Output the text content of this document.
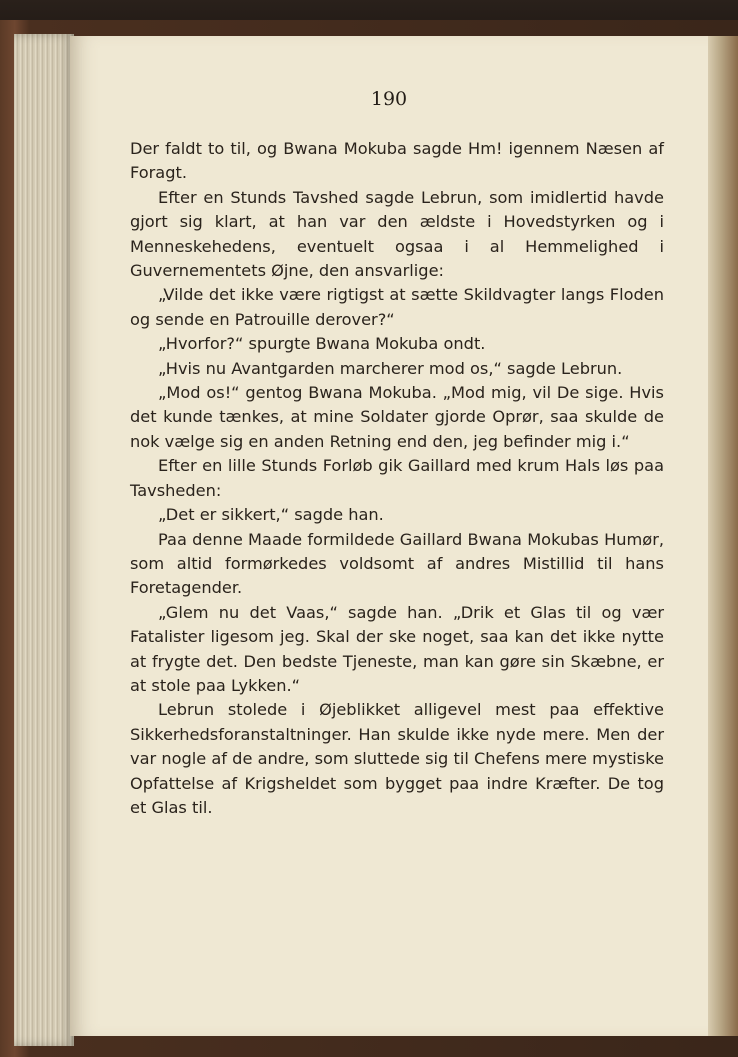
190

Der faldt to til, og Bwana Mokuba sagde Hm! igennem Næsen af Foragt.

Efter en Stunds Tavshed sagde Lebrun, som imidlertid havde gjort sig klart, at han var den ældste i Hovedstyrken og i Menneskehedens, eventuelt ogsaa i al Hemmelighed i Guvernementets Øjne, den ansvarlige:

„Vilde det ikke være rigtigst at sætte Skildvagter langs Floden og sende en Patrouille derover?“

„Hvorfor?“ spurgte Bwana Mokuba ondt.

„Hvis nu Avantgarden marcherer mod os,“ sagde Lebrun.

„Mod os!“ gentog Bwana Mokuba. „Mod mig, vil De sige. Hvis det kunde tænkes, at mine Soldater gjorde Oprør, saa skulde de nok vælge sig en anden Retning end den, jeg befinder mig i.“

Efter en lille Stunds Forløb gik Gaillard med krum Hals løs paa Tavsheden:

„Det er sikkert,“ sagde han.

Paa denne Maade formildede Gaillard Bwana Mokubas Humør, som altid formørkedes voldsomt af andres Mistillid til hans Foretagender.

„Glem nu det Vaas,“ sagde han. „Drik et Glas til og vær Fatalister ligesom jeg. Skal der ske noget, saa kan det ikke nytte at frygte det. Den bedste Tjeneste, man kan gøre sin Skæbne, er at stole paa Lykken.“

Lebrun stolede i Øjeblikket alligevel mest paa effektive Sikkerhedsforanstaltninger. Han skulde ikke nyde mere. Men der var nogle af de andre, som sluttede sig til Chefens mere mystiske Opfattelse af Krigsheldet som bygget paa indre Kræfter. De tog et Glas til.
